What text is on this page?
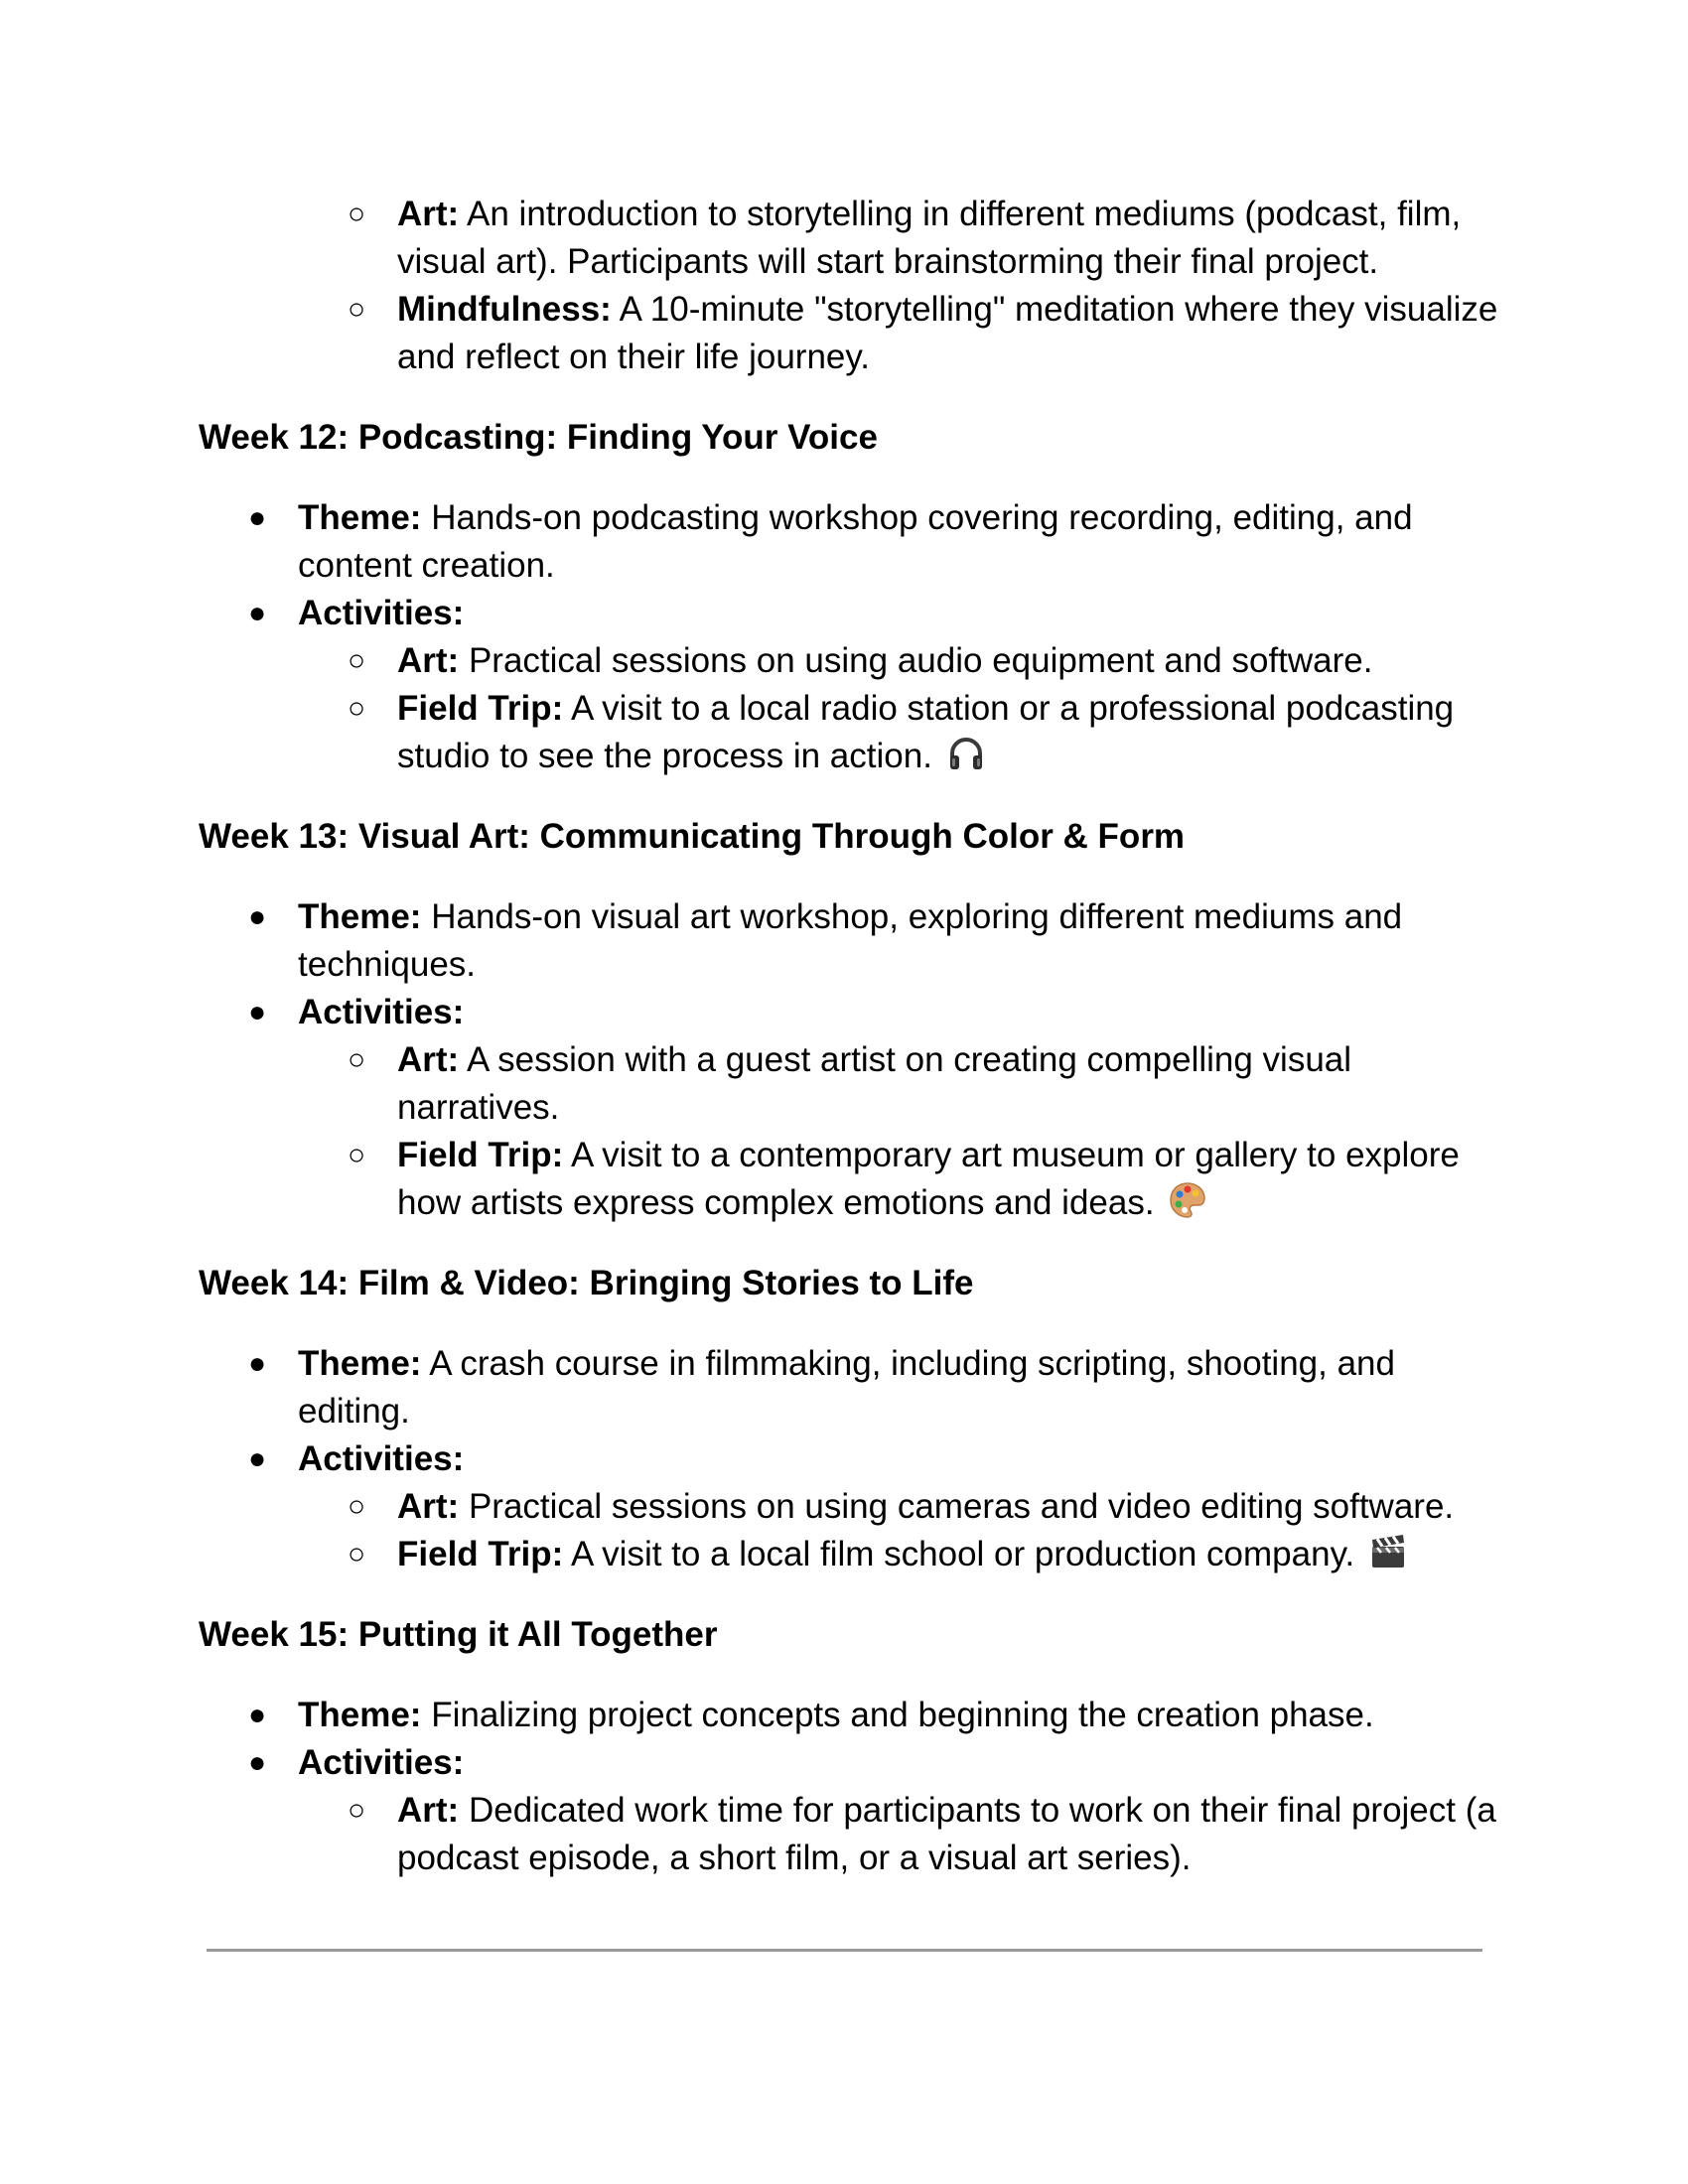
○ Art: An introduction to storytelling in different mediums (podcast, film, visual art). Participants will start brainstorming their final project.
○ Mindfulness: A 10-minute "storytelling" meditation where they visualize and reflect on their life journey.

Week 12: Podcasting: Finding Your Voice

● Theme: Hands-on podcasting workshop covering recording, editing, and content creation.
● Activities:
○ Art: Practical sessions on using audio equipment and software.
○ Field Trip: A visit to a local radio station or a professional podcasting studio to see the process in action.

Week 13: Visual Art: Communicating Through Color & Form

● Theme: Hands-on visual art workshop, exploring different mediums and techniques.
● Activities:
○ Art: A session with a guest artist on creating compelling visual narratives.
○ Field Trip: A visit to a contemporary art museum or gallery to explore how artists express complex emotions and ideas.

Week 14: Film & Video: Bringing Stories to Life

● Theme: A crash course in filmmaking, including scripting, shooting, and editing.
● Activities:
○ Art: Practical sessions on using cameras and video editing software.
○ Field Trip: A visit to a local film school or production company.

Week 15: Putting it All Together

● Theme: Finalizing project concepts and beginning the creation phase.
● Activities:
○ Art: Dedicated work time for participants to work on their final project (a podcast episode, a short film, or a visual art series).
